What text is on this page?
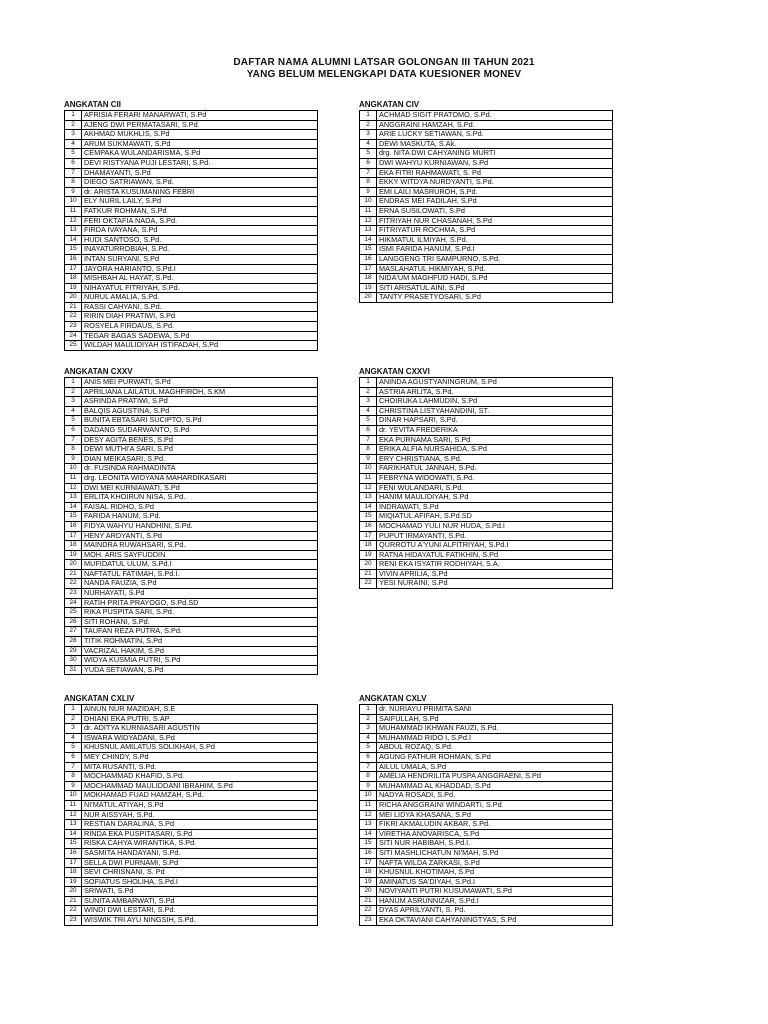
DAFTAR NAMA ALUMNI LATSAR GOLONGAN III TAHUN 2021
YANG BELUM MELENGKAPI DATA KUESIONER MONEV
ANGKATAN CII
1	AFRISIA FERARI MANARWATI, S.Pd
2	AJENG DWI PERMATASARI, S.Pd
3	AKHMAD MUKHLIS, S.Pd
4	ARUM SUKMAWATI, S.Pd
5	CEMPAKA WULANDARISMA, S.Pd
6	DEVI RISTYANA PUJI LESTARI, S.Pd.
7	DHAMAYANTI, S.Pd
8	DIEGO SATRIAWAN, S.Pd.
9	dr. ARISTA KUSUMANING FEBRI
10	ELY NURIL LAILY, S.Pd
11	FATKUR ROHMAN, S.Pd
12	FERI OKTAFIA NADA, S.Pd.
13	FIRDA IVAYANA, S.Pd
14	HUDI SANTOSO, S.Pd.
15	INAYATURROBIAH, S.Pd.
16	INTAN SURYANI, S.Pd
17	JAYORA HARIANTO, S.Pd.I
18	MISHBAH AL HAYAT, S.Pd.
19	NIHAYATUL FITRIYAH, S.Pd.
20	NURUL AMALIA, S.Pd.
21	RASSI CAHYANI, S.Pd.
22	RIRIN DIAH PRATIWI, S.Pd
23	ROSYELA FIRDAUS, S.Pd.
24	TEGAR BAGAS SADEWA, S.Pd
25	WILDAH MAULIDIYAH ISTIFADAH, S.Pd
ANGKATAN CIV
1	ACHMAD SIGIT PRATOMO, S.Pd.
2	ANGGRAINI HAMZAH, S.Pd.
3	ARIE LUCKY SETIAWAN, S.Pd.
4	DEWI MASKUTA, S.Ak.
5	drg. NITA DWI CAHYANING MURTI
6	DWI WAHYU KURNIAWAN, S.Pd
7	EKA FITRI RAHMAWATI, S. Pd
8	EKKY WITDYA NURDYANTI, S.Pd.
9	EMI LAILI MASRUROH, S.Pd.
10	ENDRAS MEI FADILAH, S.Pd
11	ERNA SUSILOWATI, S.Pd
12	FITRIYAH NUR CHASANAH, S.Pd
13	FITRIYATUR ROCHMA, S.Pd
14	HIKMATUL ILMIYAH, S.Pd.
15	ISMI FARIDA HANUM, S.Pd.I
16	LANGGENG TRI SAMPURNO, S.Pd.
17	MASLAHATUL HIKMIYAH, S.Pd.
18	NIDA'UM MAGHFUD HADI, S.Pd
19	SITI ARISATUL AINI, S.Pd
20	TANTY PRASETYOSARI, S.Pd
ANGKATAN CXXV
1	ANIS MEI PURWATI, S.Pd
2	APRILIANA LAILATUL MAGHFIROH, S.KM
3	ASRINDA PRATIWI, S.Pd
4	BALQIS AGUSTINA, S.Pd
5	BUNITA EBTASARI SUCIPTO, S.Pd
6	DADANG SUDARWANTO, S.Pd
7	DESY AGITA BENES, S.Pd
8	DEWI MUTHI'A SARI, S.Pd
9	DIAN MEIKASARI, S.Pd.
10	dr. FUSINDA RAHMADINTA
11	drg. LEONITA WIDYANA MAHARDIKASARI
12	DWI MEI KURNIAWATI, S.Pd
13	ERLITA KHOIRUN NISA, S.Pd.
14	FAISAL RIDHO, S.Pd
15	FARIDA HANUM, S.Pd.
16	FIDYA WAHYU HANDHINI, S.Pd.
17	HENY ARDYANTI, S.Pd
18	MAINDRA RUWAHSARI, S.Pd.
19	MOH. ARIS SAYFUDDIN
20	MUFIDATUL ULUM, S.Pd.I
21	NAFTATUL FATIMAH, S.Pd.I.
22	NANDA FAUZIA, S.Pd
23	NURHAYATI, S.Pd
24	RATIH PRITA PRAYOGO, S.Pd.SD
25	RIKA PUSPITA SARI, S.Pd.
26	SITI ROHANI, S.Pd.
27	TAUFAN REZA PUTRA, S.Pd.
28	TITIK ROHMATIN, S.Pd
29	VACRIZAL HAKIM, S.Pd
30	WIDYA KUSMIA PUTRI, S.Pd
31	YUDA SETIAWAN, S.Pd
ANGKATAN CXXVI
1	ANINDA AGUSTYANINGRUM, S.Pd
2	ASTRIA ARLITA, S.Pd.
3	CHOIRUKA LAHMUDIN, S.Pd
4	CHRISTINA LISTYAHANDINI, ST.
5	DINAR HAPSARI, S.Pd.
6	dr. YEVITA FREDERIKA
7	EKA PURNAMA SARI, S.Pd
8	ERIKA ALFIA NURSAHIDA, S.Pd
9	ERY CHRISTIANA, S.Pd.
10	FARIKHATUL JANNAH, S.Pd.
11	FEBRYNA WIDOWATI, S.Pd.
12	FENI WULANDARI, S.Pd.
13	HANIM MAULIDIYAH, S.Pd
14	INDRAWATI, S.Pd
15	MIQIATUL AFIFAH, S.Pd.SD
16	MOCHAMAD YULI NUR HUDA, S.Pd.I
17	PUPUT IRMAYANTI, S.Pd.
18	QURROTU A'YUNI ALFITRIYAH, S.Pd.I
19	RATNA HIDAYATUL FATIKHIN, S.Pd
20	RENI EKA ISYATIR RODHIYAH, S.A.
21	VIVIN APRILIA, S.Pd
22	YESI NURAINI, S.Pd
ANGKATAN CXLIV
1	AINUN NUR MAZIDAH, S.E
2	DHIANI EKA PUTRI, S.AP
3	dr. ADITYA KURNIASARI AGUSTIN
4	ISWARA WIDYADANI, S.Pd
5	KHUSNUL AMILATUS SOLIKHAH, S.Pd
6	MEY CHINDY, S.Pd
7	MITA RUSANTI, S.Pd.
8	MOCHAMMAD KHAFID, S.Pd.
9	MOCHAMMAD MAULIDDANI IBRAHIM, S.Pd
10	MOKHAMAD FUAD HAMZAH, S.Pd.
11	NI'MATUL ATIYAH, S.Pd
12	NUR AISSYAH, S.Pd.
13	RESTIAN DARALINA, S.Pd
14	RINDA EKA PUSPITASARI, S.Pd
15	RISKA CAHYA WIRANTIKA, S.Pd.
16	SASMITA HANDAYANI, S.Pd.
17	SELLA DWI PURNAMI, S.Pd
18	SEVI CHRISNANI, S. Pd
19	SOFIATUS SHOLIHA, S.Pd.I
20	SRIWATI, S.Pd
21	SUNITA AMBARWATI, S.Pd
22	WINDI DWI LESTARI, S.Pd.
23	WISWIK TRI AYU NINGSIH, S.Pd.
ANGKATAN CXLV
1	dr. NURIAYU PRIMITA SANI
2	SAIFULLAH, S.Pd
3	MUHAMMAD IKHWAN FAUZI, S.Pd.
4	MUHAMMAD RIDO I, S.Pd.I
5	ABDUL ROZAQ, S.Pd.
6	AGUNG FATHUR ROHMAN, S.Pd
7	AILUL UMALA, S.Pd
8	AMELIA HENDRILITA PUSPA ANGGRAENI, S.Pd
9	MUHAMMAD AL KHADDAD, S.Pd
10	NADYA ROSADI, S.Pd.
11	RICHA ANGGRAINI WINDARTI, S.Pd
12	MEI LIDYA KHASANA, S.Pd
13	FIKRI AKMALUDIN AKBAR, S.Pd.
14	VIRETHA ANOVARISCA, S.Pd
15	SITI NUR HABIBAH, S.Pd.I.
16	SITI MASHLICHATUN NI'MAH, S.Pd
17	NAFTA WILDA ZARKASI, S.Pd
18	KHUSNUL KHOTIMAH, S.Pd
19	AMINATUS SA'DIYAH, S.Pd.I
20	NOVIYANTI PUTRI KUSUMAWATI, S.Pd
21	HANUM ASRUNNIZAR, S.Pd.I
22	DYAS APRILYANTI, S. Pd.
23	EKA OKTAVIANI CAHYANINGTYAS, S.Pd
